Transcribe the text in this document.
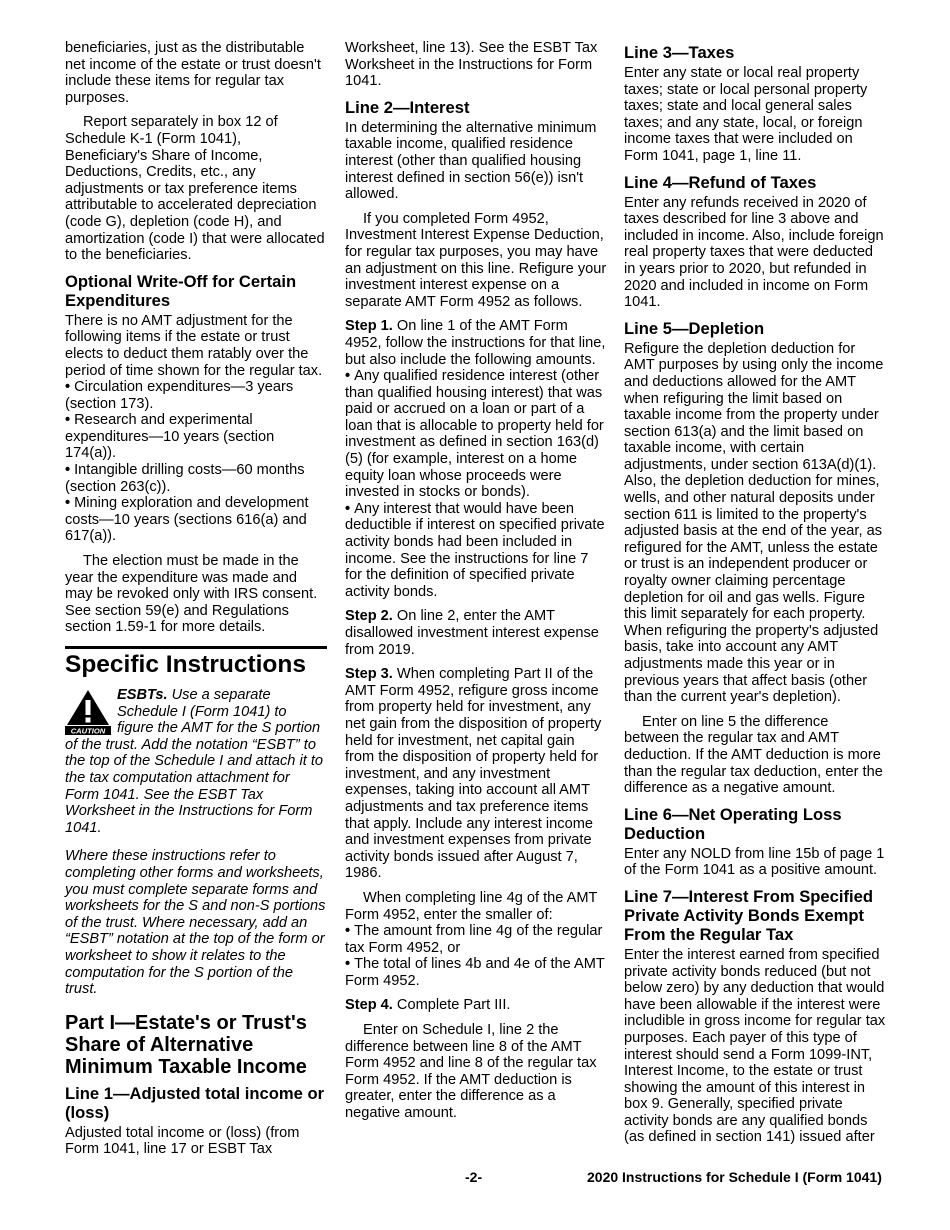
beneficiaries, just as the distributable net income of the estate or trust doesn't include these items for regular tax purposes.

Report separately in box 12 of Schedule K-1 (Form 1041), Beneficiary's Share of Income, Deductions, Credits, etc., any adjustments or tax preference items attributable to accelerated depreciation (code G), depletion (code H), and amortization (code I) that were allocated to the beneficiaries.

Optional Write-Off for Certain Expenditures

There is no AMT adjustment for the following items if the estate or trust elects to deduct them ratably over the period of time shown for the regular tax.

• Circulation expenditures—3 years (section 173).
• Research and experimental expenditures—10 years (section 174(a)).
• Intangible drilling costs—60 months (section 263(c)).
• Mining exploration and development costs—10 years (sections 616(a) and 617(a)).

The election must be made in the year the expenditure was made and may be revoked only with IRS consent. See section 59(e) and Regulations section 1.59-1 for more details.

Specific Instructions
CAUTION
ESBTs. Use a separate Schedule I (Form 1041) to figure the AMT for the S portion of the trust. Add the notation “ESBT” to the top of the Schedule I and attach it to the tax computation attachment for Form 1041. See the ESBT Tax Worksheet in the Instructions for Form 1041.

Where these instructions refer to completing other forms and worksheets, you must complete separate forms and worksheets for the S and non-S portions of the trust. Where necessary, add an “ESBT” notation at the top of the form or worksheet to show it relates to the computation for the S portion of the trust.

Part I—Estate's or Trust's Share of Alternative Minimum Taxable Income
Line 1—Adjusted total income or (loss)

Adjusted total income or (loss) (from Form 1041, line 17 or ESBT Tax

Worksheet, line 13). See the ESBT Tax Worksheet in the Instructions for Form 1041.

Line 2—Interest

In determining the alternative minimum taxable income, qualified residence interest (other than qualified housing interest defined in section 56(e)) isn't allowed.

If you completed Form 4952, Investment Interest Expense Deduction, for regular tax purposes, you may have an adjustment on this line. Refigure your investment interest expense on a separate AMT Form 4952 as follows.

Step 1. On line 1 of the AMT Form 4952, follow the instructions for that line, but also include the following amounts.

• Any qualified residence interest (other than qualified housing interest) that was paid or accrued on a loan or part of a loan that is allocable to property held for investment as defined in section 163(d)(5) (for example, interest on a home equity loan whose proceeds were invested in stocks or bonds).
• Any interest that would have been deductible if interest on specified private activity bonds had been included in income. See the instructions for line 7 for the definition of specified private activity bonds.

Step 2. On line 2, enter the AMT disallowed investment interest expense from 2019.

Step 3. When completing Part II of the AMT Form 4952, refigure gross income from property held for investment, any net gain from the disposition of property held for investment, net capital gain from the disposition of property held for investment, and any investment expenses, taking into account all AMT adjustments and tax preference items that apply. Include any interest income and investment expenses from private activity bonds issued after August 7, 1986.

When completing line 4g of the AMT Form 4952, enter the smaller of:

• The amount from line 4g of the regular tax Form 4952, or
• The total of lines 4b and 4e of the AMT Form 4952.

Step 4. Complete Part III.

Enter on Schedule I, line 2 the difference between line 8 of the AMT Form 4952 and line 8 of the regular tax Form 4952. If the AMT deduction is greater, enter the difference as a negative amount.

Line 3—Taxes

Enter any state or local real property taxes; state or local personal property taxes; state and local general sales taxes; and any state, local, or foreign income taxes that were included on Form 1041, page 1, line 11.

Line 4—Refund of Taxes

Enter any refunds received in 2020 of taxes described for line 3 above and included in income. Also, include foreign real property taxes that were deducted in years prior to 2020, but refunded in 2020 and included in income on Form 1041.

Line 5—Depletion

Refigure the depletion deduction for AMT purposes by using only the income and deductions allowed for the AMT when refiguring the limit based on taxable income from the property under section 613(a) and the limit based on taxable income, with certain adjustments, under section 613A(d)(1). Also, the depletion deduction for mines, wells, and other natural deposits under section 611 is limited to the property's adjusted basis at the end of the year, as refigured for the AMT, unless the estate or trust is an independent producer or royalty owner claiming percentage depletion for oil and gas wells. Figure this limit separately for each property. When refiguring the property's adjusted basis, take into account any AMT adjustments made this year or in previous years that affect basis (other than the current year's depletion).

Enter on line 5 the difference between the regular tax and AMT deduction. If the AMT deduction is more than the regular tax deduction, enter the difference as a negative amount.

Line 6—Net Operating Loss Deduction

Enter any NOLD from line 15b of page 1 of the Form 1041 as a positive amount.

Line 7—Interest From Specified Private Activity Bonds Exempt From the Regular Tax

Enter the interest earned from specified private activity bonds reduced (but not below zero) by any deduction that would have been allowable if the interest were includible in gross income for regular tax purposes. Each payer of this type of interest should send a Form 1099-INT, Interest Income, to the estate or trust showing the amount of this interest in box 9. Generally, specified private activity bonds are any qualified bonds (as defined in section 141) issued after

-2-	2020 Instructions for Schedule I (Form 1041)
